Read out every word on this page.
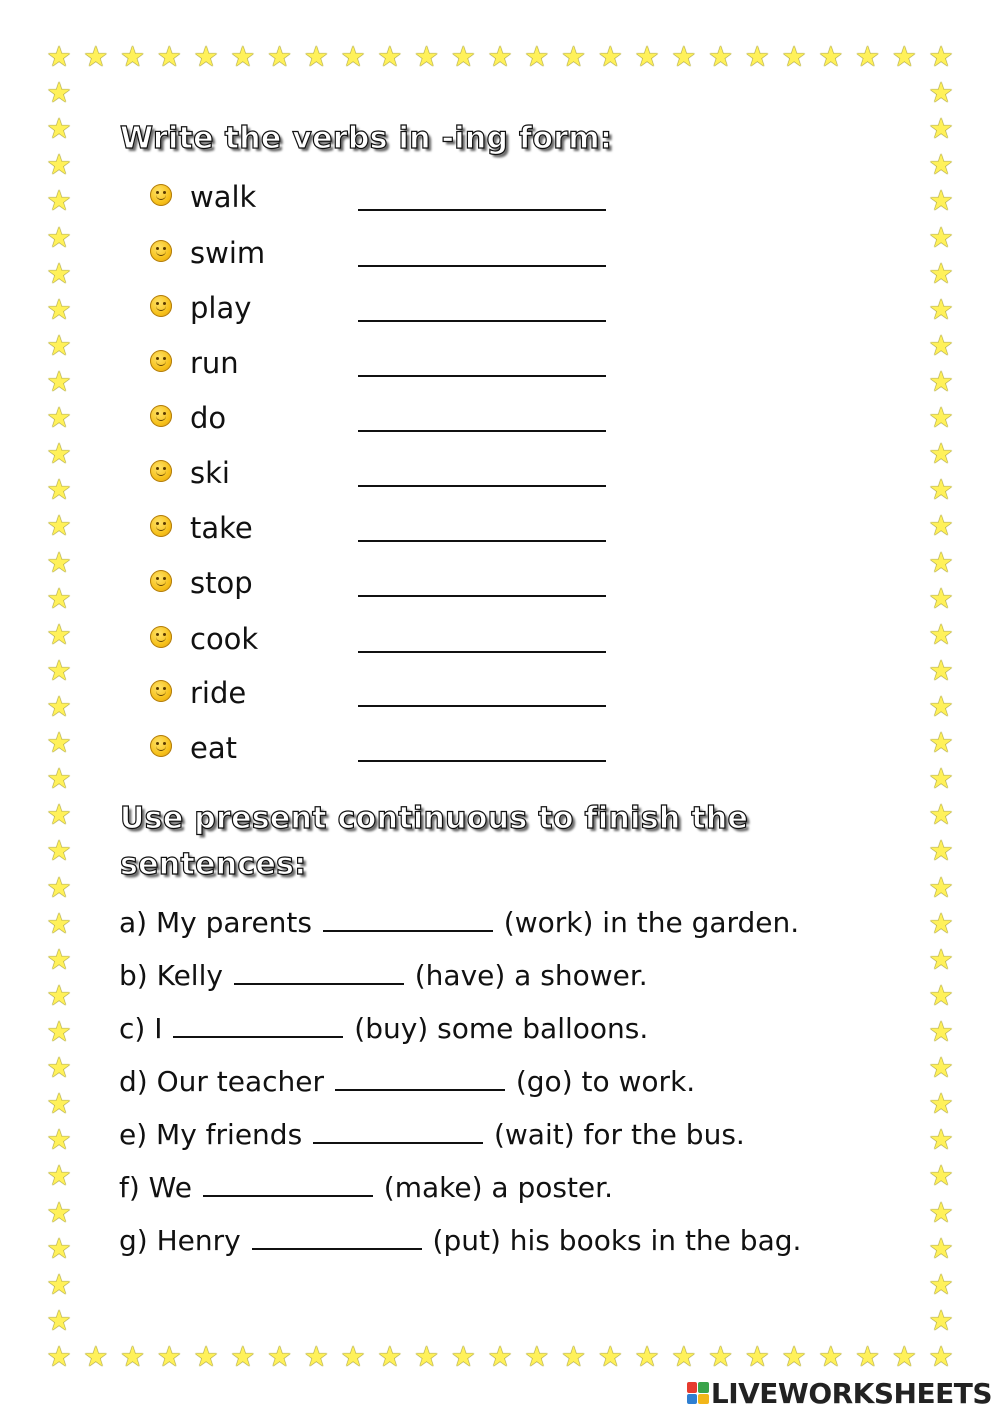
★
★
★
★
★
★
★
★
★
★
★
★
★
★
★
★
★
★
★
★
★
★
★
★
★
★
★
★
★
★
★
★
★
★
★
★
★
★
★
★
★
★
★
★
★
★
★
★
★
★
★	★
★	★
★	★
★	★
★	★
★	★
★	★
★	★
★	★
★	★
★	★
★	★
★	★
★	★
★	★
★	★
★	★
★	★
★	★
★	★
★	★
★	★
★	★
★	★
★	★
★	★
★	★
★	★
★	★
★	★
★	★
★	★
★	★
★	★
★	★
Write the verbs in -ing form:
walk
swim
play
run
do
ski
take
stop
cook
ride
eat
Use present continuous to finish the sentences:
a) My parents	(work) in the garden.
b) Kelly	(have) a shower.
c) I	(buy) some balloons.
d) Our teacher	(go) to work.
e) My friends	(wait) for the bus.
f) We	(make) a poster.
g) Henry	(put) his books in the bag.
LIVEWORKSHEETS
